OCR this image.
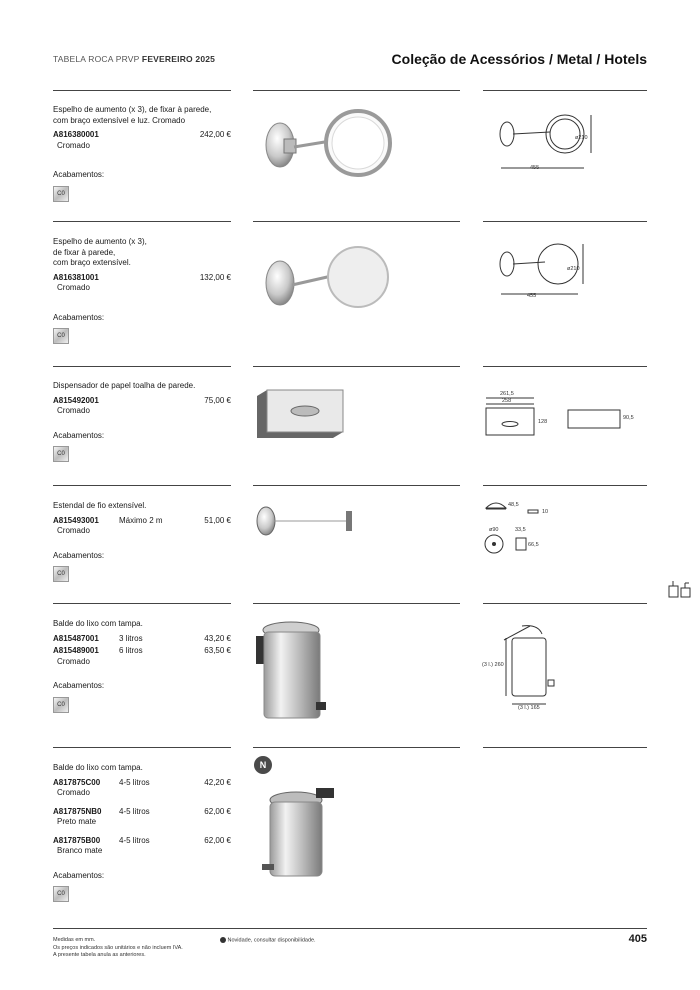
TABELA ROCA PRVP FEVEREIRO 2025	Coleção de Acessórios / Metal / Hotels
Espelho de aumento (x 3), de fixar à parede,
com braço extensível e luz. Cromado
A816380001	242,00 €
Cromado
Acabamentos:
C0
Espelho de aumento (x 3),
de fixar à parede,
com braço extensível.
A816381001	132,00 €
Cromado
Acabamentos:
C0
Dispensador de papel toalha de parede.
A815492001	75,00 €
Cromado
Acabamentos:
C0
Estendal de fio extensível.
A815493001	Máximo 2 m	51,00 €
Cromado
Acabamentos:
C0
Balde do lixo com tampa.
A815487001	3 litros	43,20 €
A815489001	6 litros	63,50 €
Cromado
Acabamentos:
C0
Balde do lixo com tampa.
A817875C00 4-5 litros	42,20 €
Cromado
A817875NB0 4-5 litros	62,00 €
Preto mate
A817875B00 4-5 litros	62,00 €
Branco mate
Acabamentos:
C0
N
ø210
455
ø210
455
261,5
258
128
90,5
48,5
10
ø90	33,5
66,5
(3 l.) 260
(3 l.) 165
Medidas em mm.
Os preços indicados são unitários e não incluem IVA.
A presente tabela anula as anteriores.
Novidade, consultar disponibilidade.	405
